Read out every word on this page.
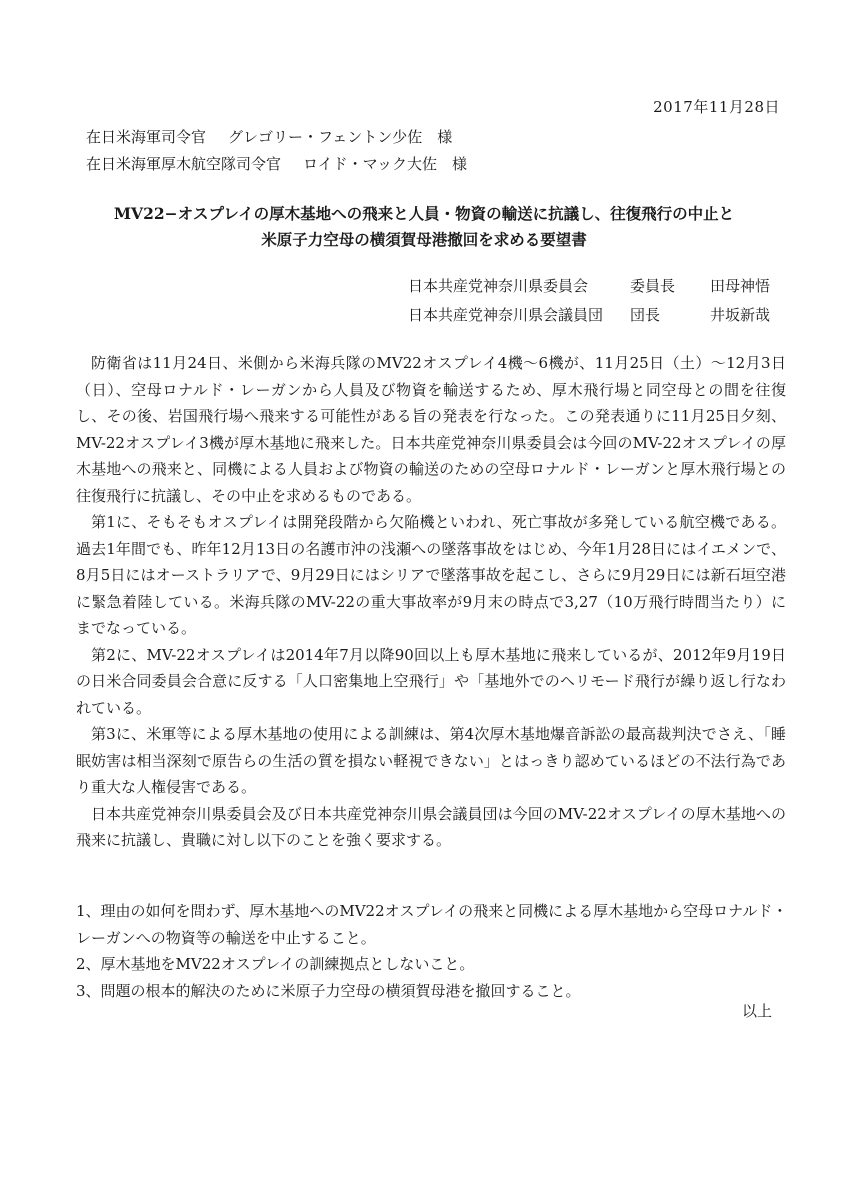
2017年11月28日
在日米海軍司令官 グレゴリー・フェントン少佐　様
在日米海軍厚木航空隊司令官 ロイド・マック大佐　様
MV22−オスプレイの厚木基地への飛来と人員・物資の輸送に抗議し、往復飛行の中止と
米原子力空母の横須賀母港撤回を求める要望書
日本共産党神奈川県委員会	委員長	田母神悟
日本共産党神奈川県会議員団	団長	井坂新哉

防衛省は11月24日、米側から米海兵隊のMV22オスプレイ4機〜6機が、11月25日（土）〜12月3日（日）、空母ロナルド・レーガンから人員及び物資を輸送するため、厚木飛行場と同空母との間を往復し、その後、岩国飛行場へ飛来する可能性がある旨の発表を行なった。この発表通りに11月25日夕刻、MV-22オスプレイ3機が厚木基地に飛来した。日本共産党神奈川県委員会は今回のMV-22オスプレイの厚木基地への飛来と、同機による人員および物資の輸送のための空母ロナルド・レーガンと厚木飛行場との往復飛行に抗議し、その中止を求めるものである。

第1に、そもそもオスプレイは開発段階から欠陥機といわれ、死亡事故が多発している航空機である。過去1年間でも、昨年12月13日の名護市沖の浅瀬への墜落事故をはじめ、今年1月28日にはイエメンで、8月5日にはオーストラリアで、9月29日にはシリアで墜落事故を起こし、さらに9月29日には新石垣空港に緊急着陸している。米海兵隊のMV-22の重大事故率が9月末の時点で3,27（10万飛行時間当たり）にまでなっている。

第2に、MV-22オスプレイは2014年7月以降90回以上も厚木基地に飛来しているが、2012年9月19日の日米合同委員会合意に反する「人口密集地上空飛行」や「基地外でのヘリモード飛行が繰り返し行なわれている。

第3に、米軍等による厚木基地の使用による訓練は、第4次厚木基地爆音訴訟の最高裁判決でさえ、「睡眠妨害は相当深刻で原告らの生活の質を損ない軽視できない」とはっきり認めているほどの不法行為であり重大な人権侵害である。

日本共産党神奈川県委員会及び日本共産党神奈川県会議員団は今回のMV-22オスプレイの厚木基地への飛来に抗議し、貴職に対し以下のことを強く要求する。

1、理由の如何を問わず、厚木基地へのMV22オスプレイの飛来と同機による厚木基地から空母ロナルド・レーガンへの物資等の輸送を中止すること。

2、厚木基地をMV22オスプレイの訓練拠点としないこと。

3、問題の根本的解決のために米原子力空母の横須賀母港を撤回すること。

以上
